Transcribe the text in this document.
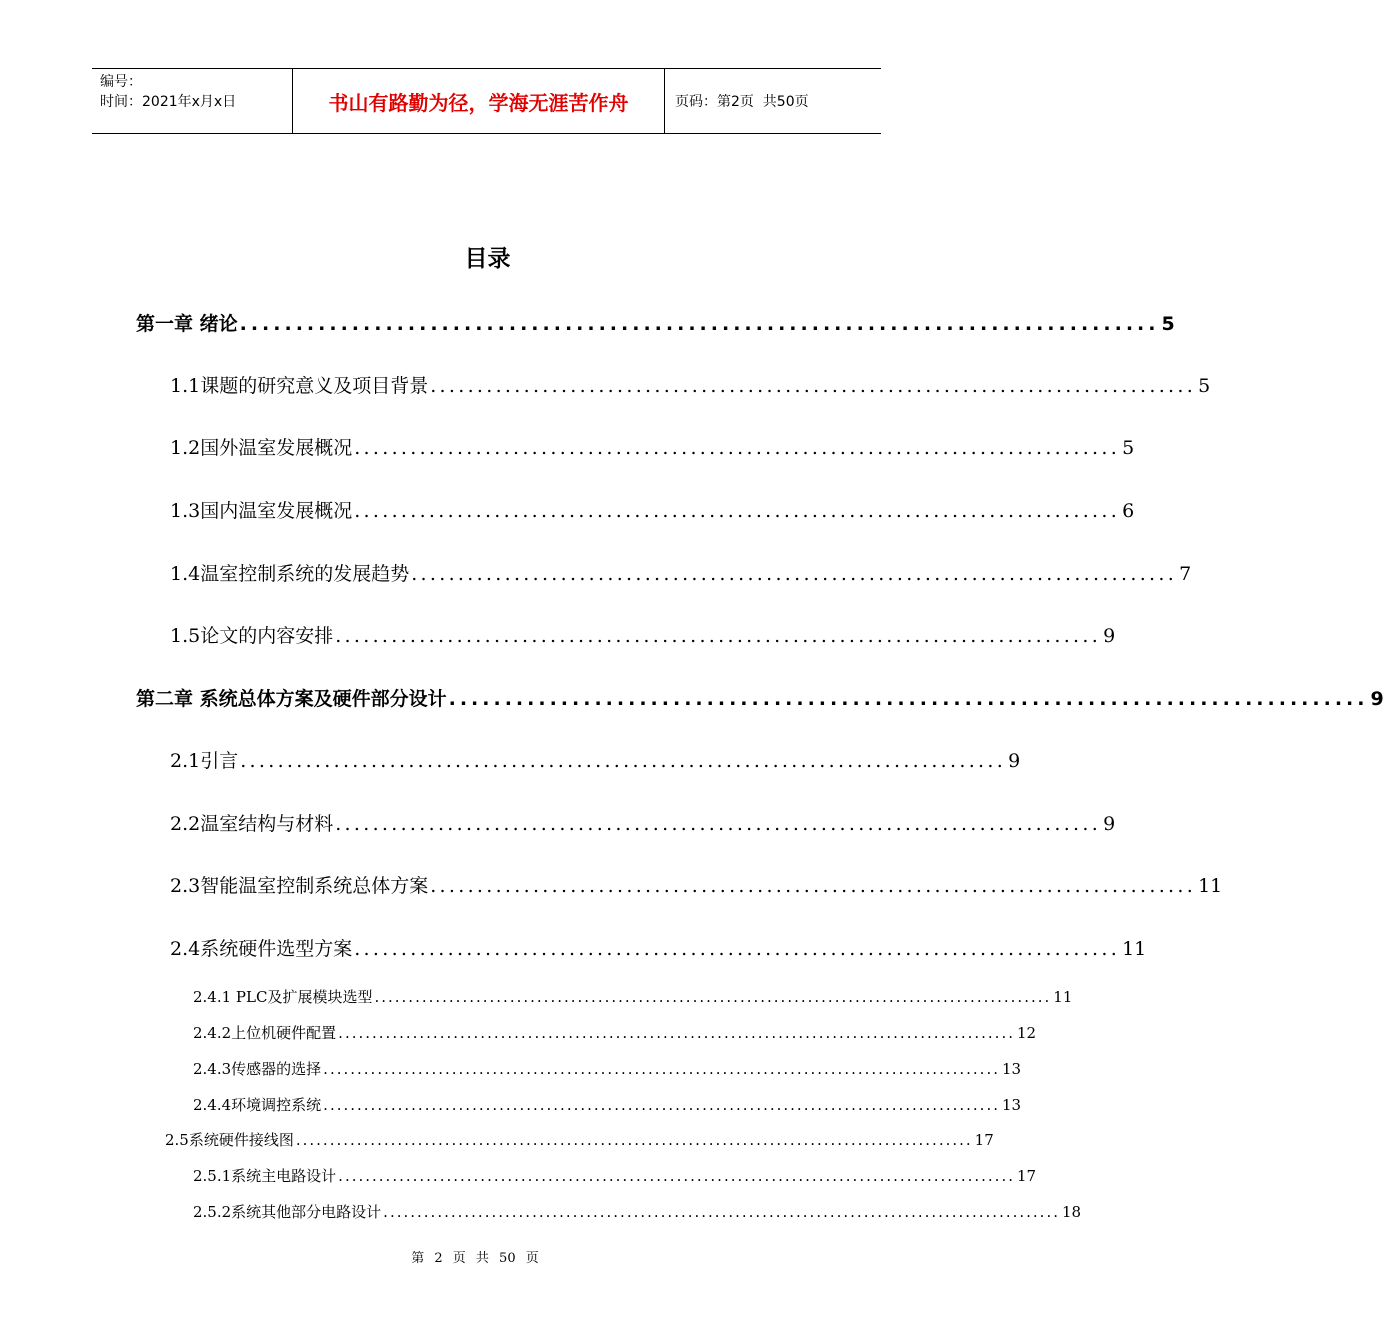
编号：
时间：2021年x月x日	书山有路勤为径，学海无涯苦作舟	页码：第2页  共50页
目录
第一章 绪论 .................................................................................. 5
1.1课题的研究意义及项目背景 .................................................................................. 5
1.2国外温室发展概况 .................................................................................. 5
1.3国内温室发展概况 .................................................................................. 6
1.4温室控制系统的发展趋势 .................................................................................. 7
1.5论文的内容安排 .................................................................................. 9
第二章 系统总体方案及硬件部分设计 .................................................................................. 9
2.1引言 .................................................................................. 9
2.2温室结构与材料 .................................................................................. 9
2.3智能温室控制系统总体方案 .................................................................................. 11
2.4系统硬件选型方案 .................................................................................. 11
2.4.1 PLC及扩展模块选型 .................................................................................................... 11
2.4.2上位机硬件配置 .................................................................................................... 12
2.4.3传感器的选择 .................................................................................................... 13
2.4.4环境调控系统 .................................................................................................... 13
2.5系统硬件接线图 .................................................................................................... 17
2.5.1系统主电路设计 .................................................................................................... 17
2.5.2系统其他部分电路设计 .................................................................................................... 18
第 2 页 共 50 页
